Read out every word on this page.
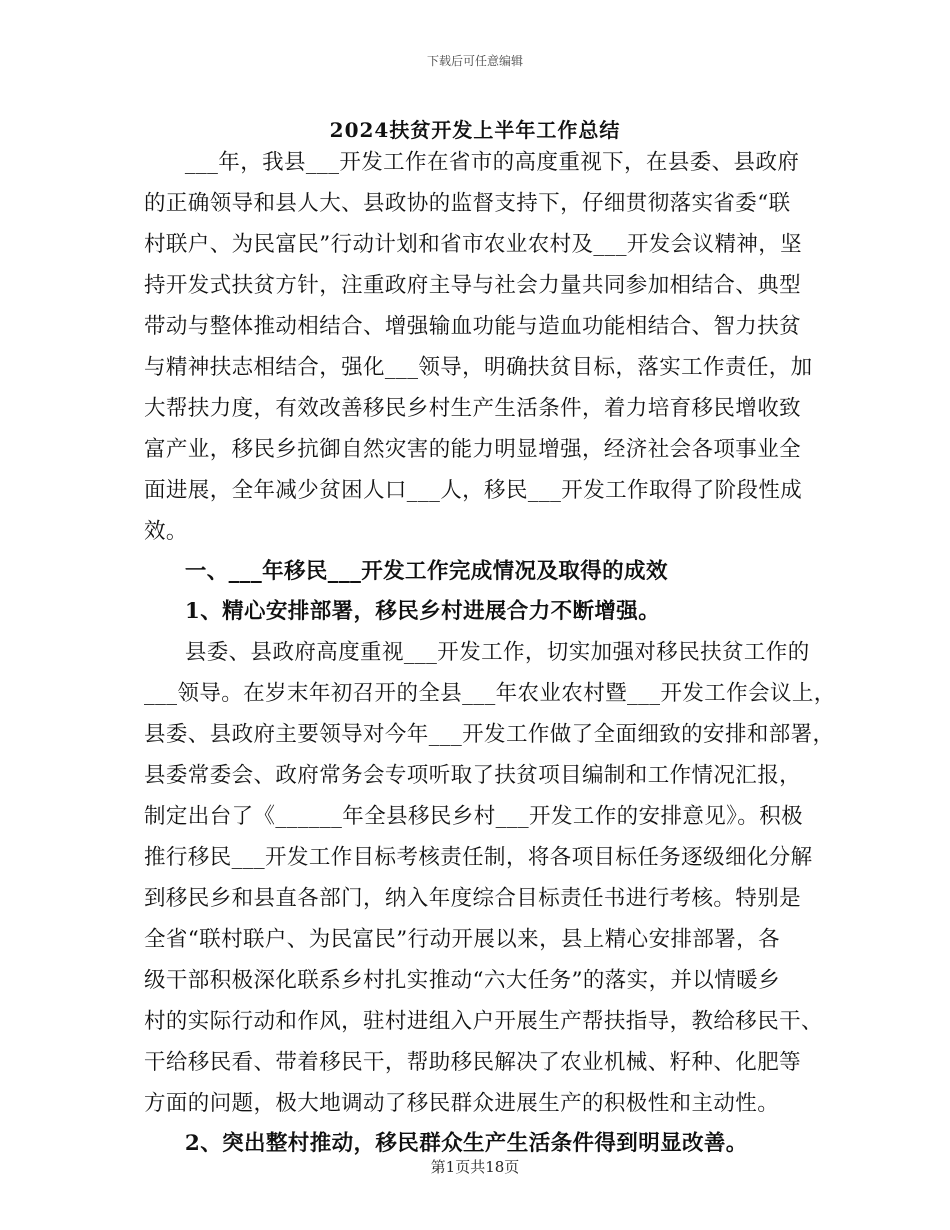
下载后可任意编辑
2024扶贫开发上半年工作总结
___年，我县___开发工作在省市的高度重视下，在县委、县政府
的正确领导和县人大、县政协的监督支持下，仔细贯彻落实省委“联
村联户、为民富民”行动计划和省市农业农村及___开发会议精神，坚
持开发式扶贫方针，注重政府主导与社会力量共同参加相结合、典型
带动与整体推动相结合、增强输血功能与造血功能相结合、智力扶贫
与精神扶志相结合，强化___领导，明确扶贫目标，落实工作责任，加
大帮扶力度，有效改善移民乡村生产生活条件，着力培育移民增收致
富产业，移民乡抗御自然灾害的能力明显增强，经济社会各项事业全
面进展，全年减少贫困人口___人，移民___开发工作取得了阶段性成
效。
一、___年移民___开发工作完成情况及取得的成效
1、精心安排部署，移民乡村进展合力不断增强。
县委、县政府高度重视___开发工作，切实加强对移民扶贫工作的
___领导。在岁末年初召开的全县___年农业农村暨___开发工作会议上，
县委、县政府主要领导对今年___开发工作做了全面细致的安排和部署，
县委常委会、政府常务会专项听取了扶贫项目编制和工作情况汇报，
制定出台了《______年全县移民乡村___开发工作的安排意见》。积极
推行移民___开发工作目标考核责任制，将各项目标任务逐级细化分解
到移民乡和县直各部门，纳入年度综合目标责任书进行考核。特别是
全省“联村联户、为民富民”行动开展以来，县上精心安排部署，各
级干部积极深化联系乡村扎实推动“六大任务”的落实，并以情暖乡
村的实际行动和作风，驻村进组入户开展生产帮扶指导，教给移民干、
干给移民看、带着移民干，帮助移民解决了农业机械、籽种、化肥等
方面的问题，极大地调动了移民群众进展生产的积极性和主动性。
2、突出整村推动，移民群众生产生活条件得到明显改善。
第1页共18页
